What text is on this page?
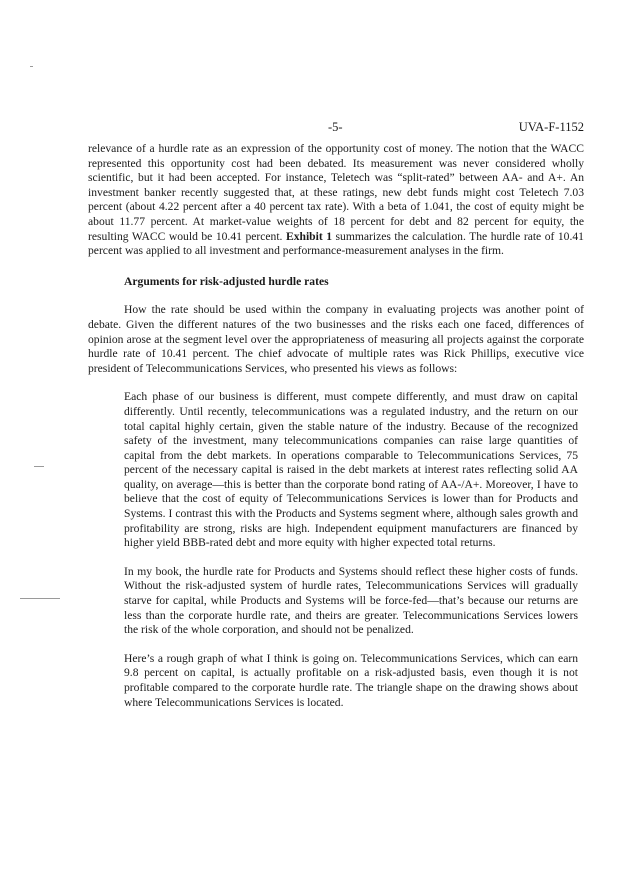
-5-	UVA-F-1152

relevance of a hurdle rate as an expression of the opportunity cost of money. The notion that the WACC represented this opportunity cost had been debated. Its measurement was never considered wholly scientific, but it had been accepted. For instance, Teletech was “split-rated” between AA- and A+. An investment banker recently suggested that, at these ratings, new debt funds might cost Teletech 7.03 percent (about 4.22 percent after a 40 percent tax rate). With a beta of 1.041, the cost of equity might be about 11.77 percent. At market-value weights of 18 percent for debt and 82 percent for equity, the resulting WACC would be 10.41 percent. Exhibit 1 summarizes the calculation. The hurdle rate of 10.41 percent was applied to all investment and performance-measurement analyses in the firm.

Arguments for risk-adjusted hurdle rates

How the rate should be used within the company in evaluating projects was another point of debate. Given the different natures of the two businesses and the risks each one faced, differences of opinion arose at the segment level over the appropriateness of measuring all projects against the corporate hurdle rate of 10.41 percent. The chief advocate of multiple rates was Rick Phillips, executive vice president of Telecommunications Services, who presented his views as follows:

Each phase of our business is different, must compete differently, and must draw on capital differently. Until recently, telecommunications was a regulated industry, and the return on our total capital highly certain, given the stable nature of the industry. Because of the recognized safety of the investment, many telecommunications companies can raise large quantities of capital from the debt markets. In operations comparable to Telecommunications Services, 75 percent of the necessary capital is raised in the debt markets at interest rates reflecting solid AA quality, on average—this is better than the corporate bond rating of AA-/A+. Moreover, I have to believe that the cost of equity of Telecommunications Services is lower than for Products and Systems. I contrast this with the Products and Systems segment where, although sales growth and profitability are strong, risks are high. Independent equipment manufacturers are financed by higher yield BBB-rated debt and more equity with higher expected total returns.

In my book, the hurdle rate for Products and Systems should reflect these higher costs of funds. Without the risk-adjusted system of hurdle rates, Telecommunications Services will gradually starve for capital, while Products and Systems will be force-fed—that’s because our returns are less than the corporate hurdle rate, and theirs are greater. Telecommunications Services lowers the risk of the whole corporation, and should not be penalized.

Here’s a rough graph of what I think is going on. Telecommunications Services, which can earn 9.8 percent on capital, is actually profitable on a risk-adjusted basis, even though it is not profitable compared to the corporate hurdle rate. The triangle shape on the drawing shows about where Telecommunications Services is located.
